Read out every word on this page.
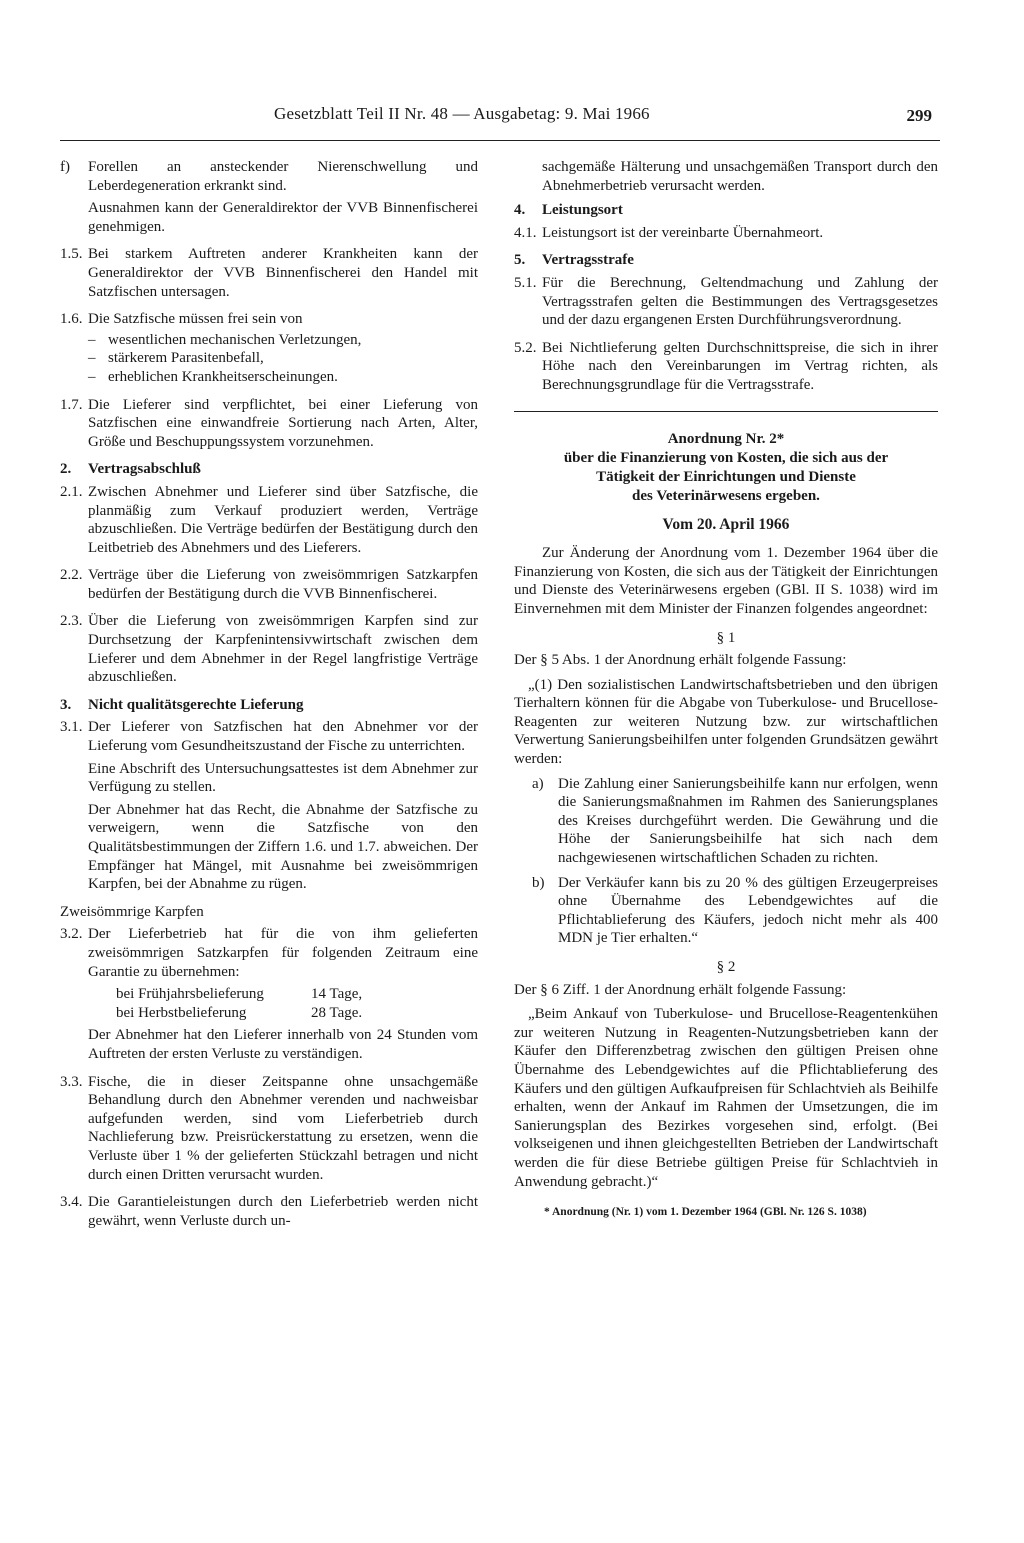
Gesetzblatt Teil II Nr. 48 — Ausgabetag: 9. Mai 1966	299
f) Forellen an ansteckender Nierenschwellung und Leberdegeneration erkrankt sind.

Ausnahmen kann der Generaldirektor der VVB Binnenfischerei genehmigen.

1.5. Bei starkem Auftreten anderer Krankheiten kann der Generaldirektor der VVB Binnenfischerei den Handel mit Satzfischen untersagen.

1.6. Die Satzfische müssen frei sein von

– wesentlichen mechanischen Verletzungen,
– stärkerem Parasitenbefall,
– erheblichen Krankheitserscheinungen.
1.7. Die Lieferer sind verpflichtet, bei einer Lieferung von Satzfischen eine einwandfreie Sortierung nach Arten, Alter, Größe und Beschuppungssystem vorzunehmen.

2. Vertragsabschluß
2.1. Zwischen Abnehmer und Lieferer sind über Satzfische, die planmäßig zum Verkauf produziert werden, Verträge abzuschließen. Die Verträge bedürfen der Bestätigung durch den Leitbetrieb des Abnehmers und des Lieferers.

2.2. Verträge über die Lieferung von zweisömmrigen Satzkarpfen bedürfen der Bestätigung durch die VVB Binnenfischerei.

2.3. Über die Lieferung von zweisömmrigen Karpfen sind zur Durchsetzung der Karpfenintensivwirtschaft zwischen dem Lieferer und dem Abnehmer in der Regel langfristige Verträge abzuschließen.

3. Nicht qualitätsgerechte Lieferung
3.1. Der Lieferer von Satzfischen hat den Abnehmer vor der Lieferung vom Gesundheitszustand der Fische zu unterrichten.

Eine Abschrift des Untersuchungsattestes ist dem Abnehmer zur Verfügung zu stellen.

Der Abnehmer hat das Recht, die Abnahme der Satzfische zu verweigern, wenn die Satzfische von den Qualitätsbestimmungen der Ziffern 1.6. und 1.7. abweichen. Der Empfänger hat Mängel, mit Ausnahme bei zweisömmrigen Karpfen, bei der Abnahme zu rügen.

Zweisömmrige Karpfen

3.2. Der Lieferbetrieb hat für die von ihm gelieferten zweisömmrigen Satzkarpfen für folgenden Zeitraum eine Garantie zu übernehmen:

bei Frühjahrsbelieferung	14 Tage,
bei Herbstbelieferung	28 Tage.

Der Abnehmer hat den Lieferer innerhalb von 24 Stunden vom Auftreten der ersten Verluste zu verständigen.

3.3. Fische, die in dieser Zeitspanne ohne unsachgemäße Behandlung durch den Abnehmer verenden und nachweisbar aufgefunden werden, sind vom Lieferbetrieb durch Nachlieferung bzw. Preisrückerstattung zu ersetzen, wenn die Verluste über 1 % der gelieferten Stückzahl betragen und nicht durch einen Dritten verursacht wurden.

3.4. Die Garantieleistungen durch den Lieferbetrieb werden nicht gewährt, wenn Verluste durch un-

sachgemäße Hälterung und unsachgemäßen Transport durch den Abnehmerbetrieb verursacht werden.

4. Leistungsort
4.1. Leistungsort ist der vereinbarte Übernahmeort.

5. Vertragsstrafe
5.1. Für die Berechnung, Geltendmachung und Zahlung der Vertragsstrafen gelten die Bestimmungen des Vertragsgesetzes und der dazu ergangenen Ersten Durchführungsverordnung.

5.2. Bei Nichtlieferung gelten Durchschnittspreise, die sich in ihrer Höhe nach den Vereinbarungen im Vertrag richten, als Berechnungsgrundlage für die Vertragsstrafe.

Anordnung Nr. 2*
über die Finanzierung von Kosten, die sich aus der
Tätigkeit der Einrichtungen und Dienste
des Veterinärwesens ergeben.
Vom 20. April 1966

Zur Änderung der Anordnung vom 1. Dezember 1964 über die Finanzierung von Kosten, die sich aus der Tätigkeit der Einrichtungen und Dienste des Veterinärwesens ergeben (GBl. II S. 1038) wird im Einvernehmen mit dem Minister der Finanzen folgendes angeordnet:

§ 1

Der § 5 Abs. 1 der Anordnung erhält folgende Fassung:

„(1) Den sozialistischen Landwirtschaftsbetrieben und den übrigen Tierhaltern können für die Abgabe von Tuberkulose- und Brucellose-Reagenten zur weiteren Nutzung bzw. zur wirtschaftlichen Verwertung Sanierungsbeihilfen unter folgenden Grundsätzen gewährt werden:

a) Die Zahlung einer Sanierungsbeihilfe kann nur erfolgen, wenn die Sanierungsmaßnahmen im Rahmen des Sanierungsplanes des Kreises durchgeführt werden. Die Gewährung und die Höhe der Sanierungsbeihilfe hat sich nach dem nachgewiesenen wirtschaftlichen Schaden zu richten.

b) Der Verkäufer kann bis zu 20 % des gültigen Erzeugerpreises ohne Übernahme des Lebendgewichtes auf die Pflichtablieferung des Käufers, jedoch nicht mehr als 400 MDN je Tier erhalten.“

§ 2

Der § 6 Ziff. 1 der Anordnung erhält folgende Fassung:

„Beim Ankauf von Tuberkulose- und Brucellose-Reagentenkühen zur weiteren Nutzung in Reagenten-Nutzungsbetrieben kann der Käufer den Differenzbetrag zwischen den gültigen Preisen ohne Übernahme des Lebendgewichtes auf die Pflichtablieferung des Käufers und den gültigen Aufkaufpreisen für Schlachtvieh als Beihilfe erhalten, wenn der Ankauf im Rahmen der Umsetzungen, die im Sanierungsplan des Bezirkes vorgesehen sind, erfolgt. (Bei volkseigenen und ihnen gleichgestellten Betrieben der Landwirtschaft werden die für diese Betriebe gültigen Preise für Schlachtvieh in Anwendung gebracht.)“

* Anordnung (Nr. 1) vom 1. Dezember 1964 (GBl. Nr. 126 S. 1038)
